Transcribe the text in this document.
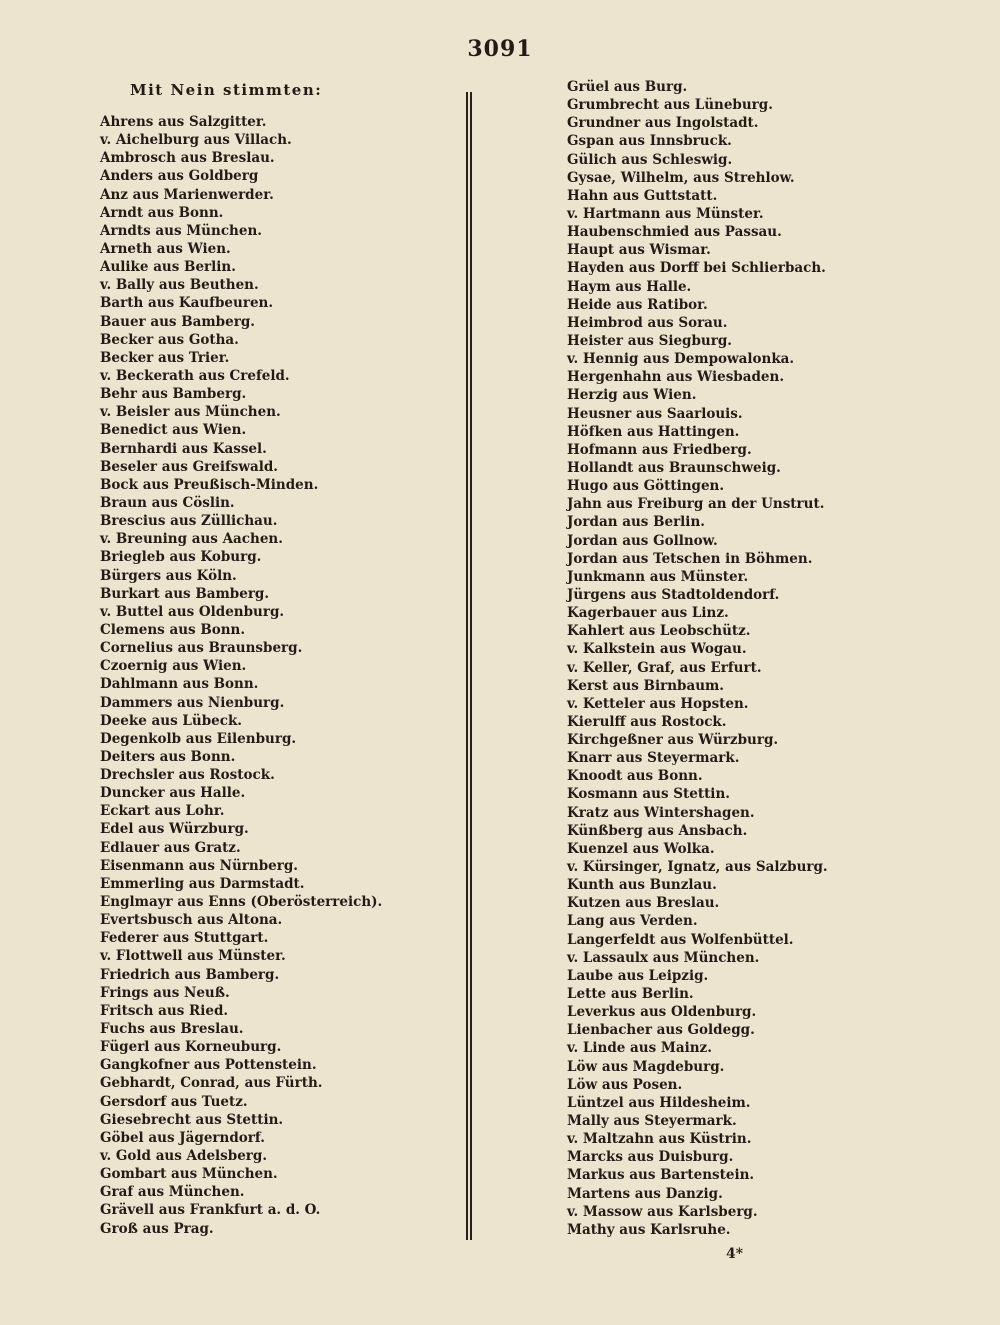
3091
Mit Nein stimmten:
Ahrens aus Salzgitter.
v. Aichelburg aus Villach.
Ambrosch aus Breslau.
Anders aus Goldberg
Anz aus Marienwerder.
Arndt aus Bonn.
Arndts aus München.
Arneth aus Wien.
Aulike aus Berlin.
v. Bally aus Beuthen.
Barth aus Kaufbeuren.
Bauer aus Bamberg.
Becker aus Gotha.
Becker aus Trier.
v. Beckerath aus Crefeld.
Behr aus Bamberg.
v. Beisler aus München.
Benedict aus Wien.
Bernhardi aus Kassel.
Beseler aus Greifswald.
Bock aus Preußisch-Minden.
Braun aus Cöslin.
Brescius aus Züllichau.
v. Breuning aus Aachen.
Briegleb aus Koburg.
Bürgers aus Köln.
Burkart aus Bamberg.
v. Buttel aus Oldenburg.
Clemens aus Bonn.
Cornelius aus Braunsberg.
Czoernig aus Wien.
Dahlmann aus Bonn.
Dammers aus Nienburg.
Deeke aus Lübeck.
Degenkolb aus Eilenburg.
Deiters aus Bonn.
Drechsler aus Rostock.
Duncker aus Halle.
Eckart aus Lohr.
Edel aus Würzburg.
Edlauer aus Gratz.
Eisenmann aus Nürnberg.
Emmerling aus Darmstadt.
Englmayr aus Enns (Oberösterreich).
Evertsbusch aus Altona.
Federer aus Stuttgart.
v. Flottwell aus Münster.
Friedrich aus Bamberg.
Frings aus Neuß.
Fritsch aus Ried.
Fuchs aus Breslau.
Fügerl aus Korneuburg.
Gangkofner aus Pottenstein.
Gebhardt, Conrad, aus Fürth.
Gersdorf aus Tuetz.
Giesebrecht aus Stettin.
Göbel aus Jägerndorf.
v. Gold aus Adelsberg.
Gombart aus München.
Graf aus München.
Grävell aus Frankfurt a. d. O.
Groß aus Prag.
Grüel aus Burg.
Grumbrecht aus Lüneburg.
Grundner aus Ingolstadt.
Gspan aus Innsbruck.
Gülich aus Schleswig.
Gysae, Wilhelm, aus Strehlow.
Hahn aus Guttstatt.
v. Hartmann aus Münster.
Haubenschmied aus Passau.
Haupt aus Wismar.
Hayden aus Dorff bei Schlierbach.
Haym aus Halle.
Heide aus Ratibor.
Heimbrod aus Sorau.
Heister aus Siegburg.
v. Hennig aus Dempowalonka.
Hergenhahn aus Wiesbaden.
Herzig aus Wien.
Heusner aus Saarlouis.
Höfken aus Hattingen.
Hofmann aus Friedberg.
Hollandt aus Braunschweig.
Hugo aus Göttingen.
Jahn aus Freiburg an der Unstrut.
Jordan aus Berlin.
Jordan aus Gollnow.
Jordan aus Tetschen in Böhmen.
Junkmann aus Münster.
Jürgens aus Stadtoldendorf.
Kagerbauer aus Linz.
Kahlert aus Leobschütz.
v. Kalkstein aus Wogau.
v. Keller, Graf, aus Erfurt.
Kerst aus Birnbaum.
v. Ketteler aus Hopsten.
Kierulff aus Rostock.
Kirchgeßner aus Würzburg.
Knarr aus Steyermark.
Knoodt aus Bonn.
Kosmann aus Stettin.
Kratz aus Wintershagen.
Künßberg aus Ansbach.
Kuenzel aus Wolka.
v. Kürsinger, Ignatz, aus Salzburg.
Kunth aus Bunzlau.
Kutzen aus Breslau.
Lang aus Verden.
Langerfeldt aus Wolfenbüttel.
v. Lassaulx aus München.
Laube aus Leipzig.
Lette aus Berlin.
Leverkus aus Oldenburg.
Lienbacher aus Goldegg.
v. Linde aus Mainz.
Löw aus Magdeburg.
Löw aus Posen.
Lüntzel aus Hildesheim.
Mally aus Steyermark.
v. Maltzahn aus Küstrin.
Marcks aus Duisburg.
Markus aus Bartenstein.
Martens aus Danzig.
v. Massow aus Karlsberg.
Mathy aus Karlsruhe.
4*
